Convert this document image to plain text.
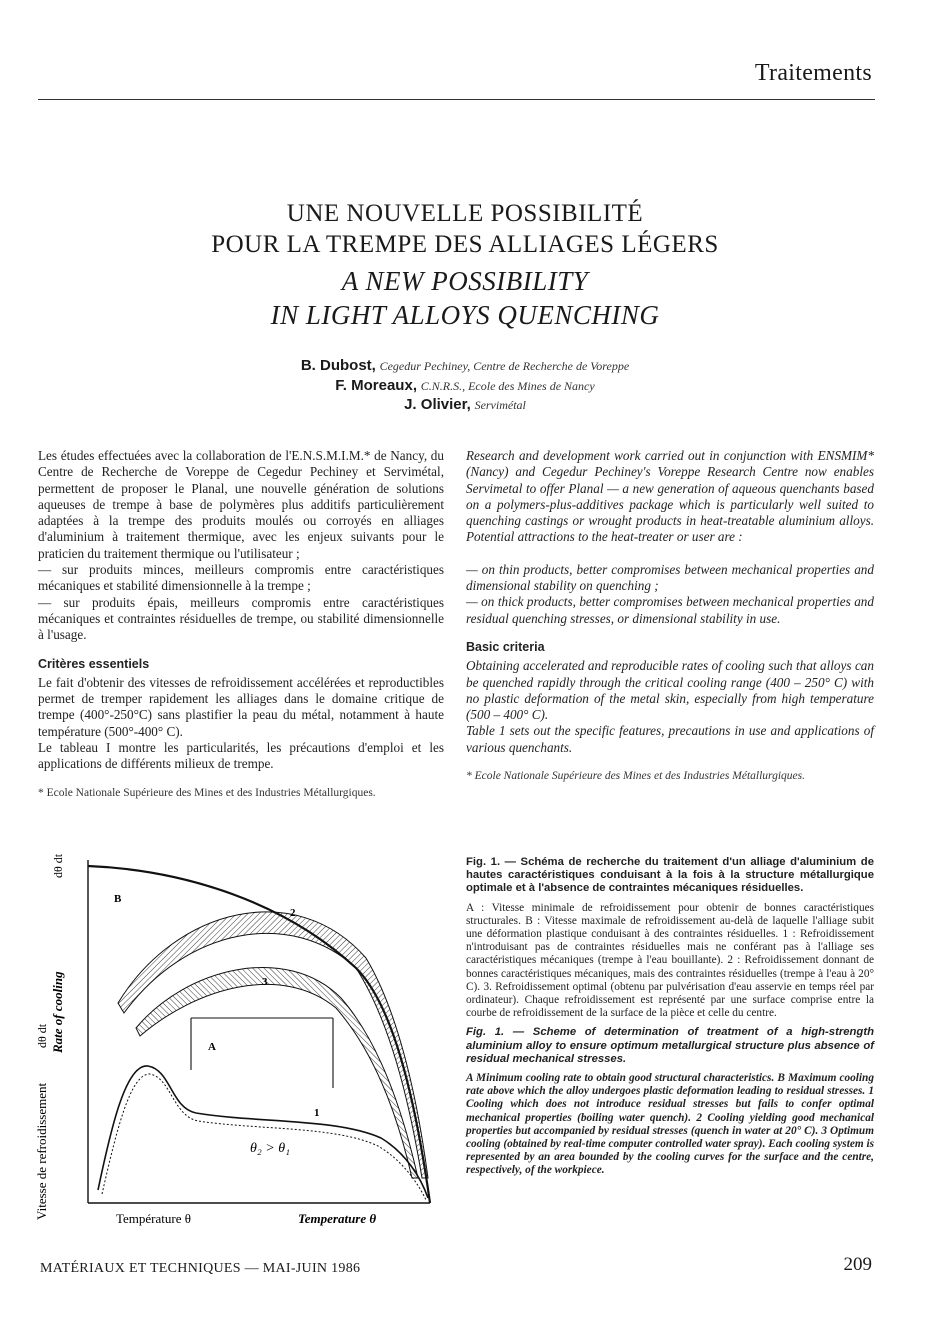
Traitements
UNE NOUVELLE POSSIBILITÉ
POUR LA TREMPE DES ALLIAGES LÉGERS
A NEW POSSIBILITY
IN LIGHT ALLOYS QUENCHING
B. Dubost, Cegedur Pechiney, Centre de Recherche de Voreppe
F. Moreaux, C.N.R.S., Ecole des Mines de Nancy
J. Olivier, Servimétal

Les études effectuées avec la collaboration de l'E.N.S.M.I.M.* de Nancy, du Centre de Recherche de Voreppe de Cegedur Pechiney et Servimétal, permettent de proposer le Planal, une nouvelle génération de solutions aqueuses de trempe à base de polymères plus additifs particulièrement adaptées à la trempe des produits moulés ou corroyés en alliages d'aluminium à traitement thermique, avec les enjeux suivants pour le praticien du traitement thermique ou l'utilisateur ;

— sur produits minces, meilleurs compromis entre caractéristiques mécaniques et stabilité dimensionnelle à la trempe ;

— sur produits épais, meilleurs compromis entre caractéristiques mécaniques et contraintes résiduelles de trempe, ou stabilité dimensionnelle à l'usage.

Critères essentiels

Le fait d'obtenir des vitesses de refroidissement accélérées et reproductibles permet de tremper rapidement les alliages dans le domaine critique de trempe (400°-250°C) sans plastifier la peau du métal, notamment à haute température (500°-400° C).

Le tableau I montre les particularités, les précautions d'emploi et les applications de différents milieux de trempe.

* Ecole Nationale Supérieure des Mines et des Industries Métallurgiques.

Research and development work carried out in conjunction with ENSMIM* (Nancy) and Cegedur Pechiney's Voreppe Research Centre now enables Servimetal to offer Planal — a new generation of aqueous quenchants based on a polymers-plus-additives package which is particularly well suited to quenching castings or wrought products in heat-treatable aluminium alloys. Potential attractions to the heat-treater or user are :

— on thin products, better compromises between mechanical properties and dimensional stability on quenching ;

— on thick products, better compromises between mechanical properties and residual quenching stresses, or dimensional stability in use.

Basic criteria

Obtaining accelerated and reproducible rates of cooling such that alloys can be quenched rapidly through the critical cooling range (400 – 250° C) with no plastic deformation of the metal skin, especially from high temperature (500 – 400° C).

Table 1 sets out the specific features, precautions in use and applications of various quenchants.

* Ecole Nationale Supérieure des Mines et des Industries Métallurgiques.

B
2
3
A
1
θ₂ > θ₁
Rate of cooling
dθ dt
Vitesse de refroidissement
dθ dt
Température θ	Temperature θ

Fig. 1. — Schéma de recherche du traitement d'un alliage d'aluminium de hautes caractéristiques conduisant à la fois à la structure métallurgique optimale et à l'absence de contraintes mécaniques résiduelles.

A : Vitesse minimale de refroidissement pour obtenir de bonnes caractéristiques structurales. B : Vitesse maximale de refroidissement au-delà de laquelle l'alliage subit une déformation plastique conduisant à des contraintes résiduelles. 1 : Refroidissement n'introduisant pas de contraintes résiduelles mais ne conférant pas à l'alliage ses caractéristiques mécaniques (trempe à l'eau bouillante). 2 : Refroidissement donnant de bonnes caractéristiques mécaniques, mais des contraintes résiduelles (trempe à l'eau à 20° C). 3. Refroidissement optimal (obtenu par pulvérisation d'eau asservie en temps réel par ordinateur). Chaque refroidissement est représenté par une surface comprise entre la courbe de refroidissement de la surface de la pièce et celle du centre.

Fig. 1. — Scheme of determination of treatment of a high-strength aluminium alloy to ensure optimum metallurgical structure plus absence of residual mechanical stresses.

A Minimum cooling rate to obtain good structural characteristics. B Maximum cooling rate above which the alloy undergoes plastic deformation leading to residual stresses. 1 Cooling which does not introduce residual stresses but fails to confer optimal mechanical properties (boiling water quench). 2 Cooling yielding good mechanical properties but accompanied by residual stresses (quench in water at 20° C). 3 Optimum cooling (obtained by real-time computer controlled water spray). Each cooling system is represented by an area bounded by the cooling curves for the surface and the centre, respectively, of the workpiece.

MATÉRIAUX ET TECHNIQUES — MAI-JUIN 1986	209
